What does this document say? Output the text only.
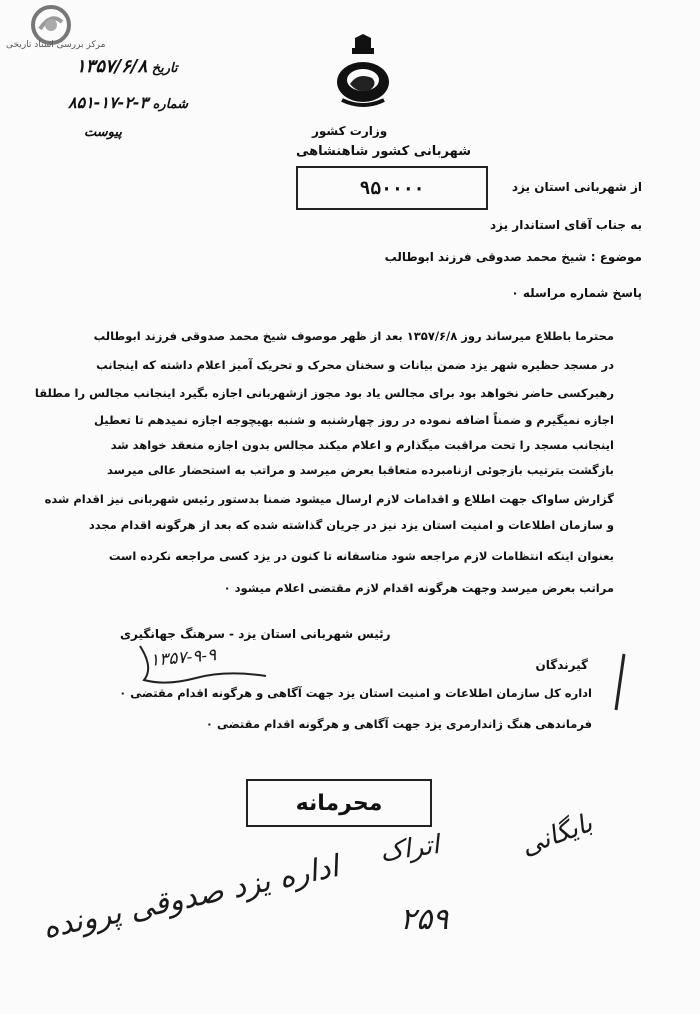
مرکز بررسی اسناد تاریخی
وزارت کشور
شهربانی کشور شاهنشاهی
۹۵۰۰۰۰
تاریخ ۱۳۵۷/۶/۸
شماره ۳-۲-۱۷-۸۵۱
پیوست
از شهربانی استان یزد
به جناب آقای استاندار یزد
موضوع : شیخ محمد صدوقی فرزند ابوطالب
پاسخ شماره مراسله ۰
محترما باطلاع میرساند روز ۱۳۵۷/۶/۸ بعد از ظهر موصوف شیخ محمد صدوقی فرزند ابوطالب
در مسجد حظیره شهر یزد ضمن بیانات و سخنان محرک و تحریک آمیز اعلام داشته که اینجانب
رهبرکسی حاضر نخواهد بود برای مجالس یاد بود مجوز ازشهربانی اجازه بگیرد اینجانب مجالس را مطلقا
اجازه نمیگیرم و ضمناً اضافه نموده در روز چهارشنبه و شنبه بهیچوجه اجازه نمیدهم تا تعطیل
اینجانب مسجد را تحت مراقبت میگذارم و اعلام میکند مجالس بدون اجازه منعقد خواهد شد
بازگشت بترتیب بازجوئی ازنامبرده متعاقبا بعرض میرسد و مراتب به استحضار عالی میرسد
گزارش ساواک جهت اطلاع و اقدامات لازم ارسال میشود ضمنا بدستور رئیس شهربانی نیز اقدام شده
و سازمان اطلاعات و امنیت استان یزد نیز در جریان گذاشته شده که بعد از هرگونه اقدام مجدد
بعنوان اینکه انتظامات لازم مراجعه شود متاسفانه تا کنون در یزد کسی مراجعه نکرده است
مراتب بعرض میرسد وجهت هرگونه اقدام لازم مقتضی اعلام میشود ۰
رئیس شهربانی استان یزد - سرهنگ جهانگیری
۱۳۵۷-۹-۹	گیرندگان
اداره کل سازمان اطلاعات و امنیت استان یزد جهت آگاهی و هرگونه اقدام مقتضی ۰
فرماندهی هنگ ژاندارمری یزد جهت آگاهی و هرگونه اقدام مقتضی ۰
محرمانه
بایگانی
اتراک
۲۵۹
اداره یزد صدوقی پرونده
